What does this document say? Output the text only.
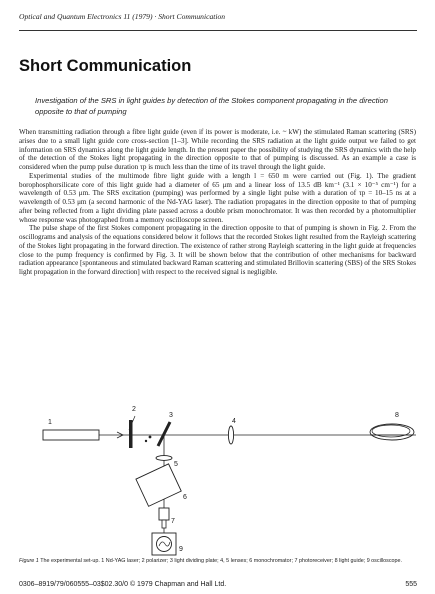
Optical and Quantum Electronics 11 (1979) · Short Communication
Short Communication
Investigation of the SRS in light guides by detection of the Stokes component propagating in the direction opposite to that of pumping

When transmitting radiation through a fibre light guide (even if its power is moderate, i.e. ~ kW) the stimulated Raman scattering (SRS) arises due to a small light guide core cross-section [1–3]. While recording the SRS radiation at the light guide output we failed to get information on SRS dynamics along the light guide length. In the present paper the possibility of studying the SRS dynamics with the help of the detection of the Stokes light propagating in the direction opposite to that of pumping is discussed. As an example a case is considered when the pump pulse duration τp is much less than the time of its travel through the light guide.

Experimental studies of the multimode fibre light guide with a length l = 650 m were carried out (Fig. 1). The gradient borophosphorsilicate core of this light guide had a diameter of 65 μm and a linear loss of 13.5 dB km⁻¹ (3.1 × 10⁻⁵ cm⁻¹) for a wavelength of 0.53 μm. The SRS excitation (pumping) was performed by a single light pulse with a duration of τp = 10–15 ns at a wavelength of 0.53 μm (a second harmonic of the Nd-YAG laser). The radiation propagates in the direction opposite to that of pumping after being reflected from a light dividing plate passed across a double prism monochromator. It was then recorded by a photomultiplier whose response was photographed from a memory oscilloscope screen.

The pulse shape of the first Stokes component propagating in the direction opposite to that of pumping is shown in Fig. 2. From the oscillograms and analysis of the equations considered below it follows that the recorded Stokes light resulted from the Rayleigh scattering of the Stokes light propagating in the forward direction. The existence of rather strong Rayleigh scattering in the light guide at frequencies close to the pump frequency is confirmed by Fig. 3. It will be shown below that the contribution of other mechanisms for backward radiation appearance [spontaneous and stimulated backward Raman scattering and stimulated Brillovin scattering (SBS) of the SRS Stokes light propagation in the forward direction] with respect to the received signal is negligible.

1
2
3
4
5
6
7
8
9
Figure 1 The experimental set-up. 1 Nd-YAG laser; 2 polarizer; 3 light dividing plate; 4, 5 lenses; 6 monochromator; 7 photoreceiver; 8 light guide; 9 oscilloscope.
0306–8919/79/060555–03$02.30/0 © 1979 Chapman and Hall Ltd.	555
